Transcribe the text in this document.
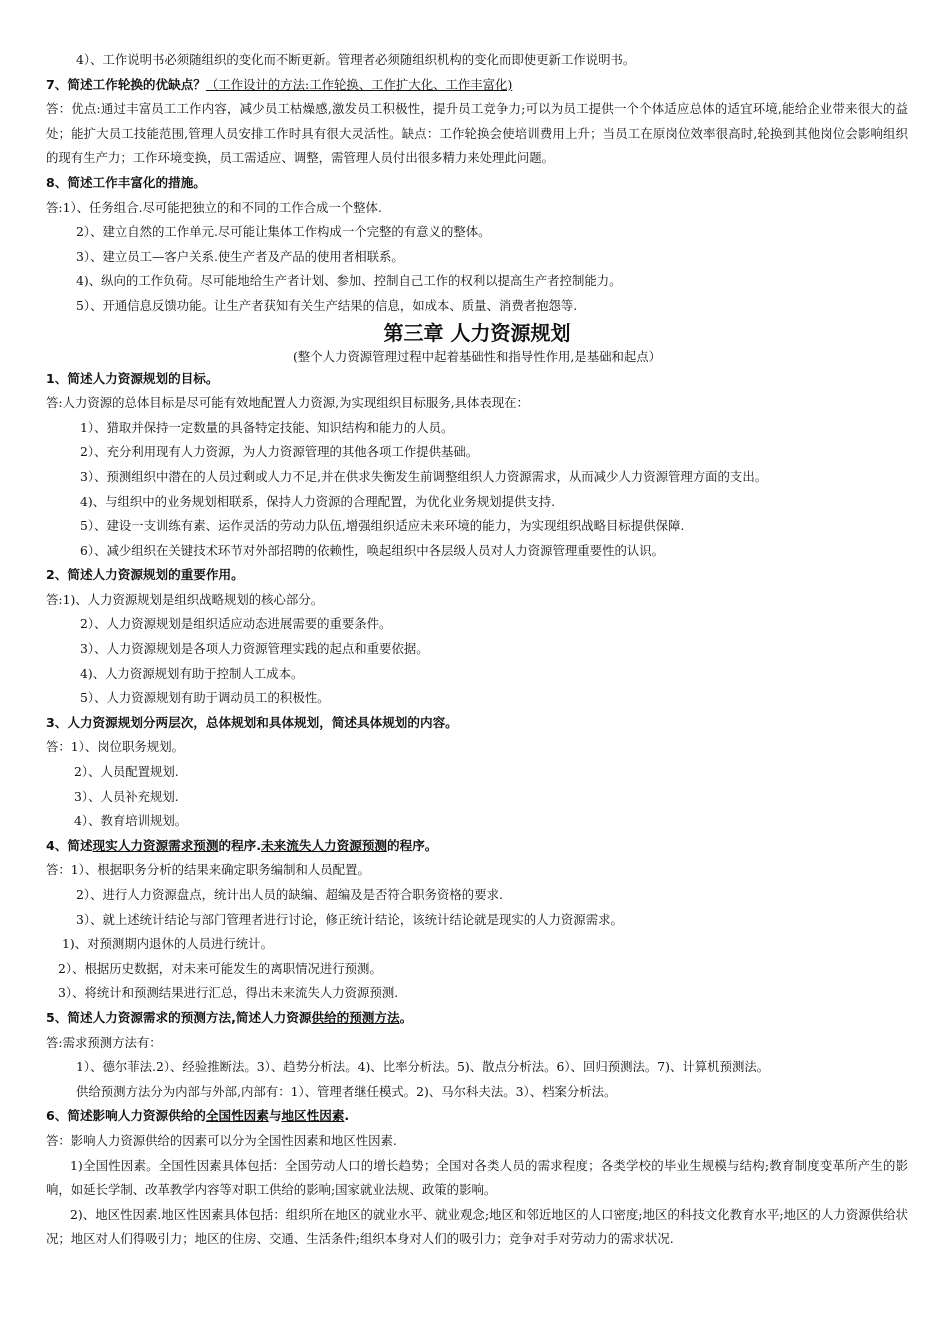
4）、工作说明书必须随组织的变化而不断更新。管理者必须随组织机构的变化而即使更新工作说明书。

7、简述工作轮换的优缺点？（工作设计的方法:工作轮换、工作扩大化、工作丰富化)

答：优点:通过丰富员工工作内容，减少员工枯燥感,激发员工积极性，提升员工竞争力;可以为员工提供一个个体适应总体的适宜环境,能给企业带来很大的益处；能扩大员工技能范围,管理人员安排工作时具有很大灵活性。缺点：工作轮换会使培训费用上升；当员工在原岗位效率很高时,轮换到其他岗位会影响组织的现有生产力；工作环境变换，员工需适应、调整，需管理人员付出很多精力来处理此问题。

8、简述工作丰富化的措施。

答:1）、任务组合.尽可能把独立的和不同的工作合成一个整体.

2）、建立自然的工作单元.尽可能让集体工作构成一个完整的有意义的整体。

3）、建立员工—客户关系.使生产者及产品的使用者相联系。

4)、纵向的工作负荷。尽可能地给生产者计划、参加、控制自己工作的权利以提高生产者控制能力。

5）、开通信息反馈功能。让生产者获知有关生产结果的信息，如成本、质量、消费者抱怨等.

第三章 人力资源规划

(整个人力资源管理过程中起着基础性和指导性作用,是基础和起点）

1、简述人力资源规划的目标。

答:人力资源的总体目标是尽可能有效地配置人力资源,为实现组织目标服务,具体表现在：

1）、猎取并保持一定数量的具备特定技能、知识结构和能力的人员。

2）、充分利用现有人力资源，为人力资源管理的其他各项工作提供基础。

3）、预测组织中潜在的人员过剩或人力不足,并在供求失衡发生前调整组织人力资源需求，从而减少人力资源管理方面的支出。

4)、与组织中的业务规划相联系，保持人力资源的合理配置，为优化业务规划提供支持.

5）、建设一支训练有素、运作灵活的劳动力队伍,增强组织适应未来环境的能力，为实现组织战略目标提供保障.

6）、减少组织在关键技术环节对外部招聘的依赖性，唤起组织中各层级人员对人力资源管理重要性的认识。

2、简述人力资源规划的重要作用。

答:1)、人力资源规划是组织战略规划的核心部分。

2）、人力资源规划是组织适应动态进展需要的重要条件。

3）、人力资源规划是各项人力资源管理实践的起点和重要依据。

4)、人力资源规划有助于控制人工成本。

5）、人力资源规划有助于调动员工的积极性。

3、人力资源规划分两层次，总体规划和具体规划，简述具体规划的内容。

答：1）、岗位职务规划。

2）、人员配置规划.

3）、人员补充规划.

4）、教育培训规划。

4、简述现实人力资源需求预测的程序.未来流失人力资源预测的程序。

答：1）、根据职务分析的结果来确定职务编制和人员配置。

2）、进行人力资源盘点，统计出人员的缺编、超编及是否符合职务资格的要求.

3）、就上述统计结论与部门管理者进行讨论，修正统计结论，该统计结论就是现实的人力资源需求。

1)、对预测期内退休的人员进行统计。

2）、根据历史数据，对未来可能发生的离职情况进行预测。

3）、将统计和预测结果进行汇总，得出未来流失人力资源预测.

5、简述人力资源需求的预测方法,简述人力资源供给的预测方法。

答:需求预测方法有：

1）、德尔菲法.2）、经验推断法。3）、趋势分析法。4)、比率分析法。5)、散点分析法。6）、回归预测法。7)、计算机预测法。

供给预测方法分为内部与外部,内部有：1）、管理者继任模式。2)、马尔科夫法。3）、档案分析法。

6、简述影响人力资源供给的全国性因素与地区性因素.

答：影响人力资源供给的因素可以分为全国性因素和地区性因素.

1)全国性因素。全国性因素具体包括：全国劳动人口的增长趋势；全国对各类人员的需求程度；各类学校的毕业生规模与结构;教育制度变革所产生的影响，如延长学制、改革教学内容等对职工供给的影响;国家就业法规、政策的影响。

2)、地区性因素.地区性因素具体包括：组织所在地区的就业水平、就业观念;地区和邻近地区的人口密度;地区的科技文化教育水平;地区的人力资源供给状况；地区对人们得吸引力；地区的住房、交通、生活条件;组织本身对人们的吸引力；竞争对手对劳动力的需求状况.
